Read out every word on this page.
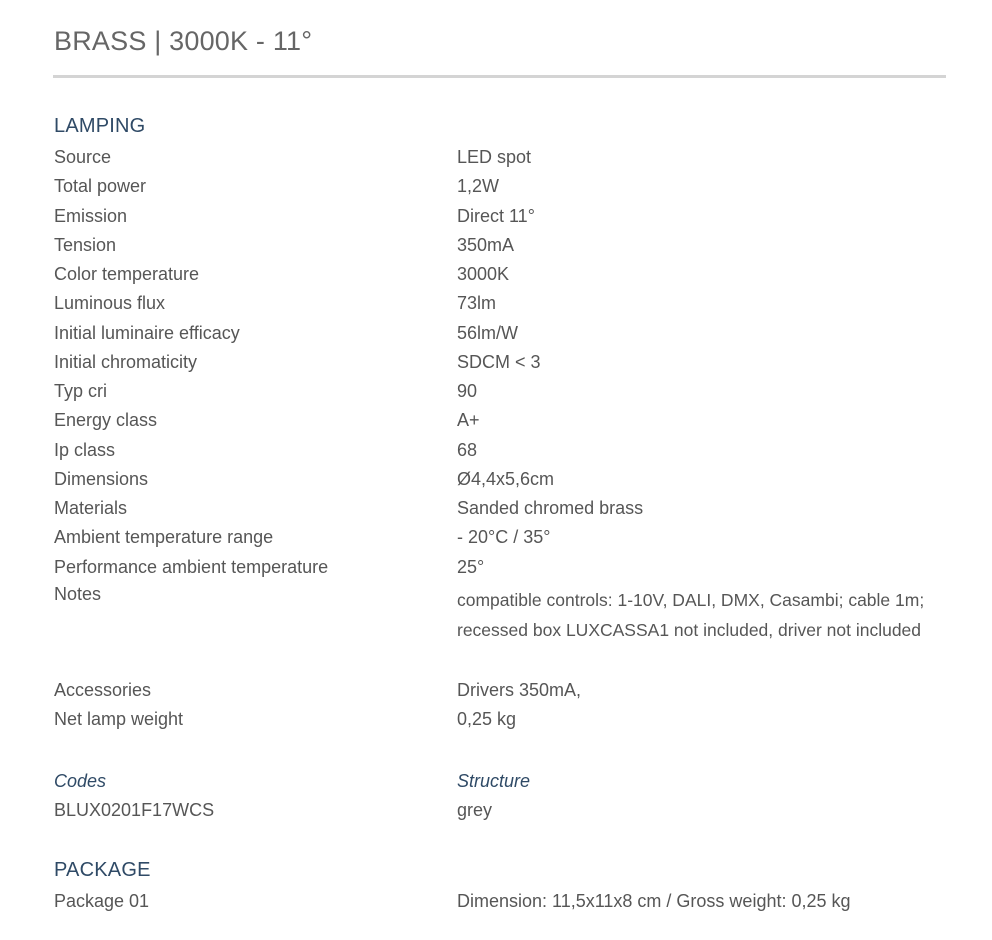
BRASS | 3000K - 11°
LAMPING
Source	LED spot
Total power	1,2W
Emission	Direct 11°
Tension	350mA
Color temperature	3000K
Luminous flux	73lm
Initial luminaire efficacy	56lm/W
Initial chromaticity	SDCM < 3
Typ cri	90
Energy class	A+
Ip class	68
Dimensions	Ø4,4x5,6cm
Materials	Sanded chromed brass
Ambient temperature range	- 20°C / 35°
Performance ambient temperature	25°
Notes	compatible controls: 1-10V, DALI, DMX, Casambi; cable 1m; recessed box LUXCASSA1 not included, driver not included
Accessories	Drivers 350mA,
Net lamp weight	0,25 kg
Codes	Structure
BLUX0201F17WCS	grey
PACKAGE
Package 01	Dimension: 11,5x11x8 cm / Gross weight: 0,25 kg
